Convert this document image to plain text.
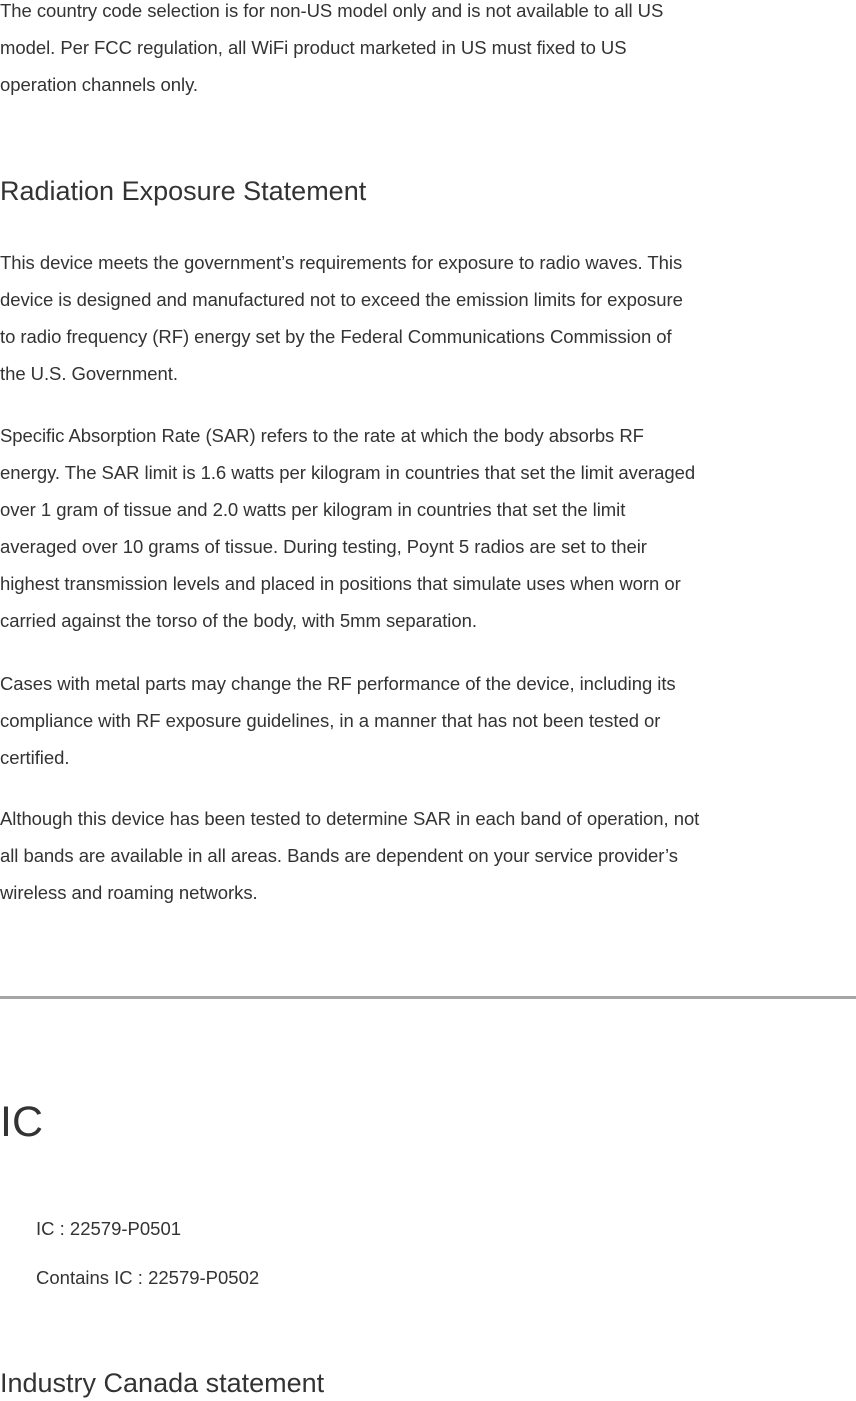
The country code selection is for non-US model only and is not available to all US
model. Per FCC regulation, all WiFi product marketed in US must fixed to US
operation channels only.
Radiation Exposure Statement
This device meets the government’s requirements for exposure to radio waves. This
device is designed and manufactured not to exceed the emission limits for exposure
to radio frequency (RF) energy set by the Federal Communications Commission of
the U.S. Government.
Specific Absorption Rate (SAR) refers to the rate at which the body absorbs RF
energy. The SAR limit is 1.6 watts per kilogram in countries that set the limit averaged
over 1 gram of tissue and 2.0 watts per kilogram in countries that set the limit
averaged over 10 grams of tissue. During testing, Poynt 5 radios are set to their
highest transmission levels and placed in positions that simulate uses when worn or
carried against the torso of the body, with 5mm separation.
Cases with metal parts may change the RF performance of the device, including its
compliance with RF exposure guidelines, in a manner that has not been tested or
certified.
Although this device has been tested to determine SAR in each band of operation, not
all bands are available in all areas. Bands are dependent on your service provider’s
wireless and roaming networks.
IC
IC : 22579-P0501
Contains IC : 22579-P0502
Industry Canada statement
